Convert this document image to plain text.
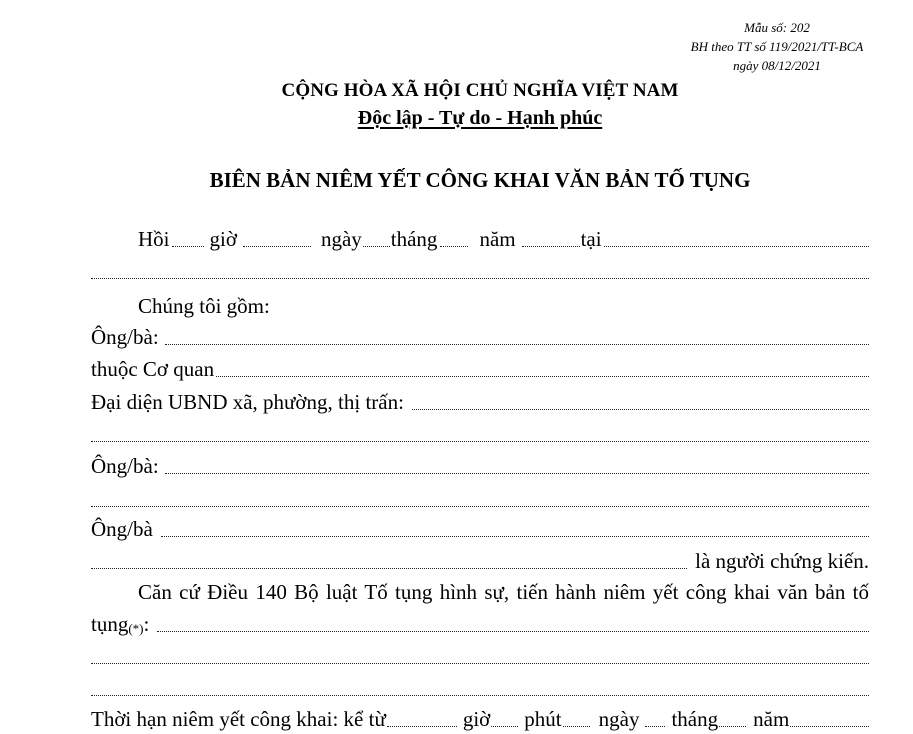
Mẫu số: 202
BH theo TT số 119/2021/TT-BCA
ngày 08/12/2021
CỘNG HÒA XÃ HỘI CHỦ NGHĨA VIỆT NAM
Độc lập - Tự do - Hạnh phúc
BIÊN BẢN NIÊM YẾT CÔNG KHAI VĂN BẢN TỐ TỤNG
Hồi giờ	ngày tháng năm	tại
Chúng tôi gồm:
Ông/bà:
thuộc Cơ quan
Đại diện UBND xã, phường, thị trấn:
Ông/bà:
Ông/bà
là người chứng kiến.
Căn cứ Điều 140 Bộ luật Tố tụng hình sự, tiến hành niêm yết công khai văn bản tố
tụng (*) :
Thời hạn niêm yết công khai: kể từ	giờ phút ngày tháng năm
